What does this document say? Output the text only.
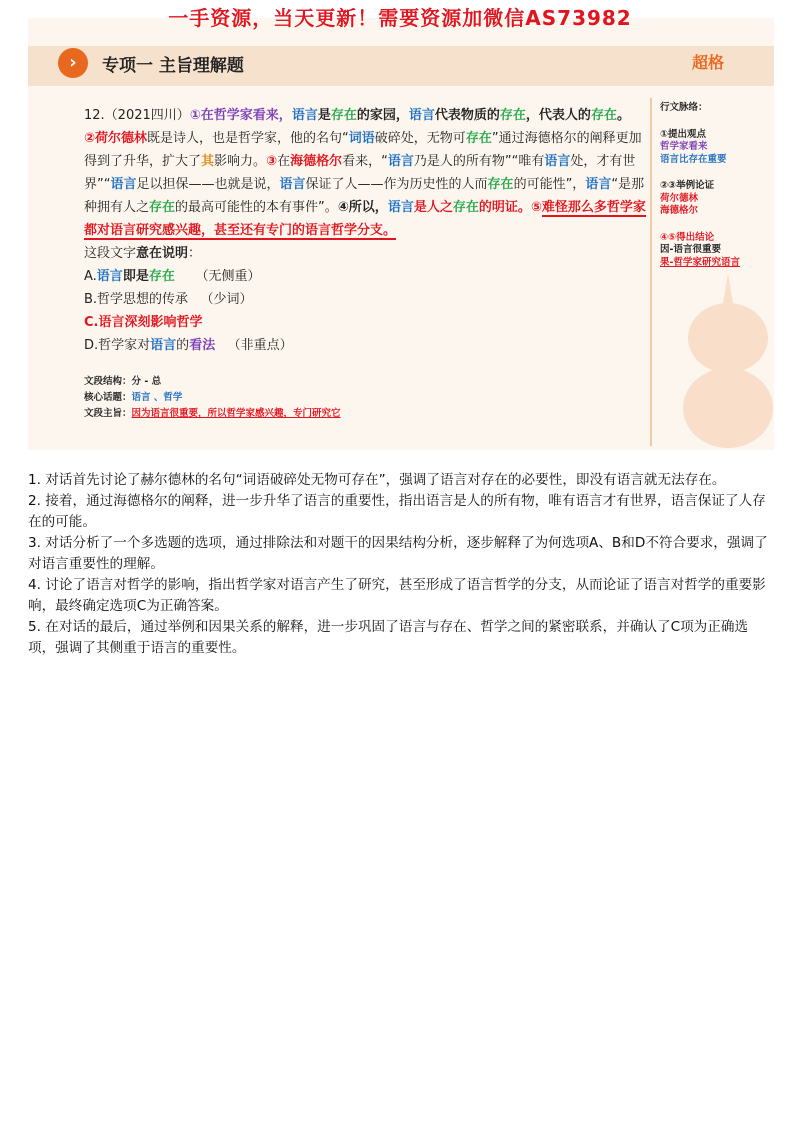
一手资源，当天更新！需要资源加微信AS73982
›	专项一 主旨理解题	超格
12.（2021四川）①在哲学家看来，语言是存在的家园，语言代表物质的存在，代表人的存在。
②荷尔德林既是诗人，也是哲学家，他的名句“词语破碎处，无物可存在”通过海德格尔的阐释更加得到了升华，扩大了其影响力。③在海德格尔看来，“语言乃是人的所有物”“唯有语言处，才有世界”“语言足以担保——也就是说，语言保证了人——作为历史性的人而存在的可能性”，语言“是那种拥有人之存在的最高可能性的本有事件”。④所以，语言是人之存在的明证。⑤难怪那么多哲学家都对语言研究感兴趣，甚至还有专门的语言哲学分支。
这段文字意在说明：
A.语言即是存在 （无侧重）
B.哲学思想的传承 （少词）
C.语言深刻影响哲学
D.哲学家对语言的看法 （非重点）
文段结构：分 - 总
核心话题：语言 、哲学
文段主旨：因为语言很重要，所以哲学家感兴趣，专门研究它
行文脉络：
①提出观点
哲学家看来
语言比存在重要
②③举例论证
荷尔德林
海德格尔
④⑤得出结论
因-语言很重要
果-哲学家研究语言

1. 对话首先讨论了赫尔德林的名句“词语破碎处无物可存在”，强调了语言对存在的必要性，即没有语言就无法存在。

2. 接着，通过海德格尔的阐释，进一步升华了语言的重要性，指出语言是人的所有物，唯有语言才有世界，语言保证了人存在的可能。

3. 对话分析了一个多选题的选项，通过排除法和对题干的因果结构分析，逐步解释了为何选项A、B和D不符合要求，强调了对语言重要性的理解。

4. 讨论了语言对哲学的影响，指出哲学家对语言产生了研究，甚至形成了语言哲学的分支，从而论证了语言对哲学的重要影响，最终确定选项C为正确答案。

5. 在对话的最后，通过举例和因果关系的解释，进一步巩固了语言与存在、哲学之间的紧密联系，并确认了C项为正确选项，强调了其侧重于语言的重要性。
